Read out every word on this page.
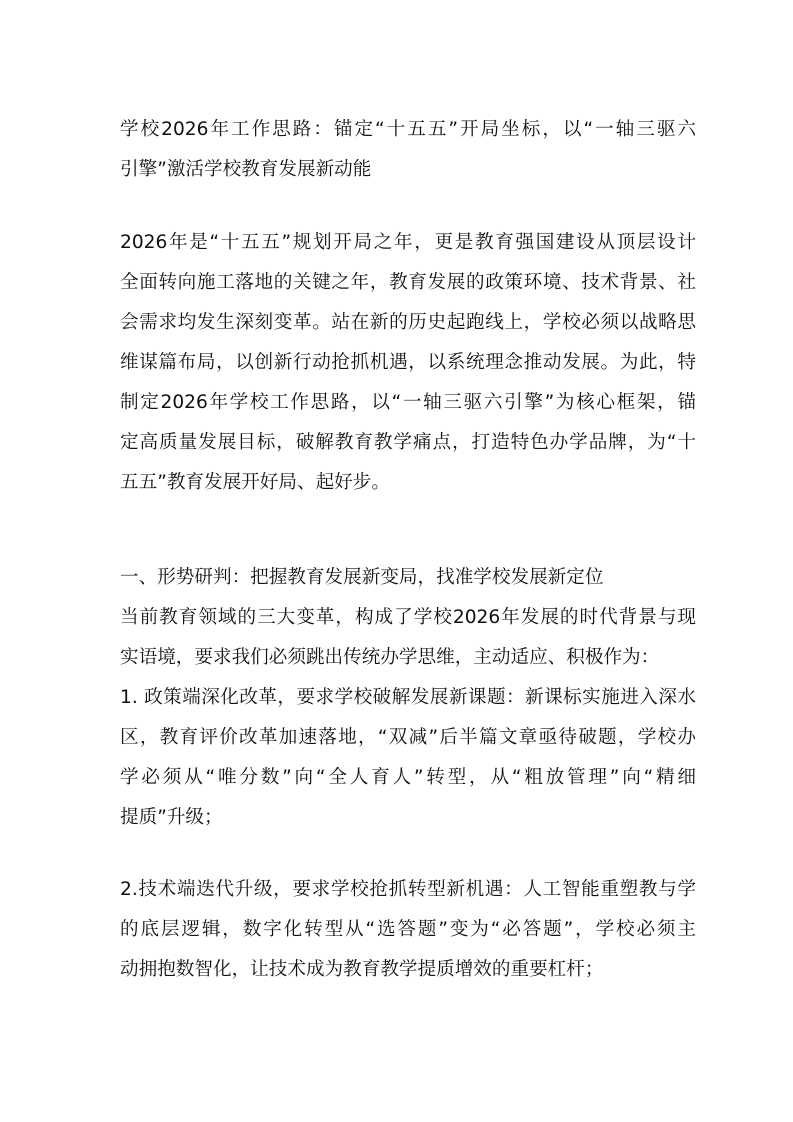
学校2026年工作思路：锚定“十五五”开局坐标，以“一轴三驱六
引擎”激活学校教育发展新动能
2026年是“十五五”规划开局之年，更是教育强国建设从顶层设计
全面转向施工落地的关键之年，教育发展的政策环境、技术背景、社
会需求均发生深刻变革。站在新的历史起跑线上，学校必须以战略思
维谋篇布局，以创新行动抢抓机遇，以系统理念推动发展。为此，特
制定2026年学校工作思路，以“一轴三驱六引擎”为核心框架，锚
定高质量发展目标，破解教育教学痛点，打造特色办学品牌，为“十
五五”教育发展开好局、起好步。
一、形势研判：把握教育发展新变局，找准学校发展新定位
当前教育领域的三大变革，构成了学校2026年发展的时代背景与现
实语境，要求我们必须跳出传统办学思维，主动适应、积极作为：
1. 政策端深化改革，要求学校破解发展新课题：新课标实施进入深水
区，教育评价改革加速落地，“双减”后半篇文章亟待破题，学校办
学必须从“唯分数”向“全人育人”转型，从“粗放管理”向“精细
提质”升级；
2.技术端迭代升级，要求学校抢抓转型新机遇：人工智能重塑教与学
的底层逻辑，数字化转型从“选答题”变为“必答题”，学校必须主
动拥抱数智化，让技术成为教育教学提质增效的重要杠杆；
